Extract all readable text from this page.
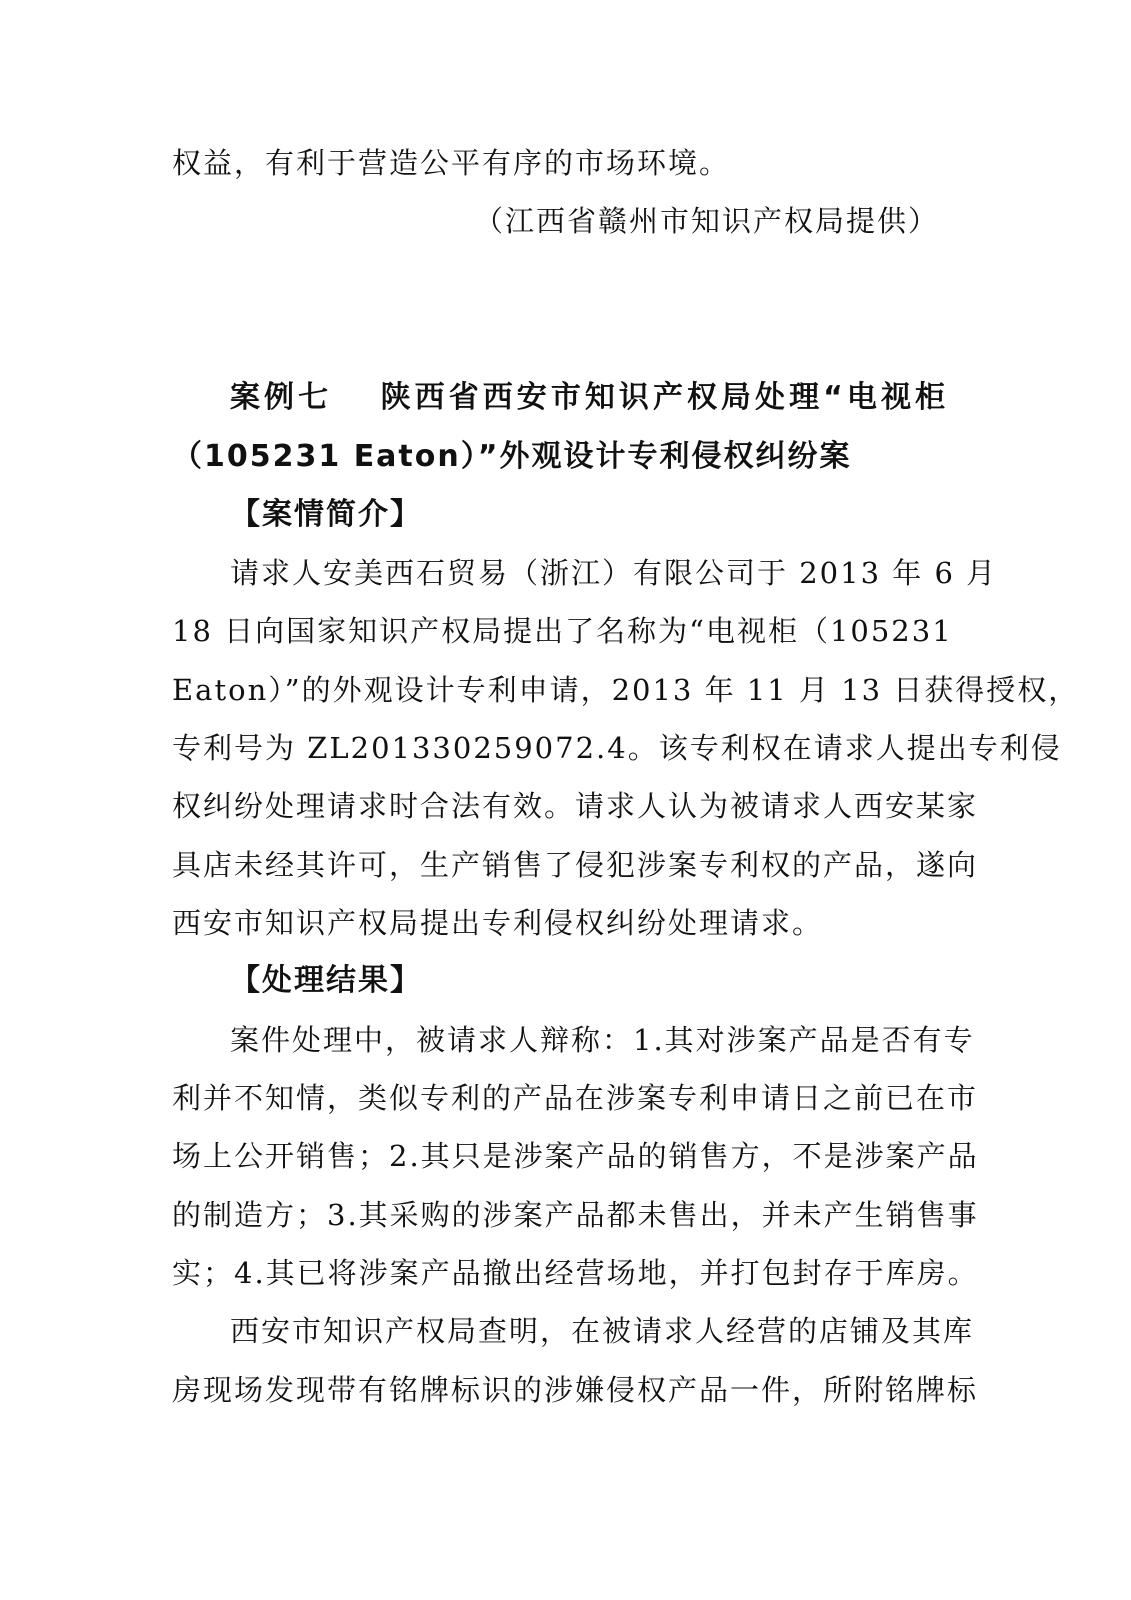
权益，有利于营造公平有序的市场环境。
（江西省赣州市知识产权局提供）
案例七　 陕西省西安市知识产权局处理“电视柜
（105231 Eaton）”外观设计专利侵权纠纷案
【案情简介】
请求人安美西石贸易（浙江）有限公司于 2013 年 6 月
18 日向国家知识产权局提出了名称为“电视柜（105231
Eaton）”的外观设计专利申请，2013 年 11 月 13 日获得授权，
专利号为 ZL201330259072.4。该专利权在请求人提出专利侵
权纠纷处理请求时合法有效。请求人认为被请求人西安某家
具店未经其许可，生产销售了侵犯涉案专利权的产品，遂向
西安市知识产权局提出专利侵权纠纷处理请求。
【处理结果】
案件处理中，被请求人辩称：1.其对涉案产品是否有专
利并不知情，类似专利的产品在涉案专利申请日之前已在市
场上公开销售；2.其只是涉案产品的销售方，不是涉案产品
的制造方；3.其采购的涉案产品都未售出，并未产生销售事
实；4.其已将涉案产品撤出经营场地，并打包封存于库房。
西安市知识产权局查明，在被请求人经营的店铺及其库
房现场发现带有铭牌标识的涉嫌侵权产品一件，所附铭牌标
